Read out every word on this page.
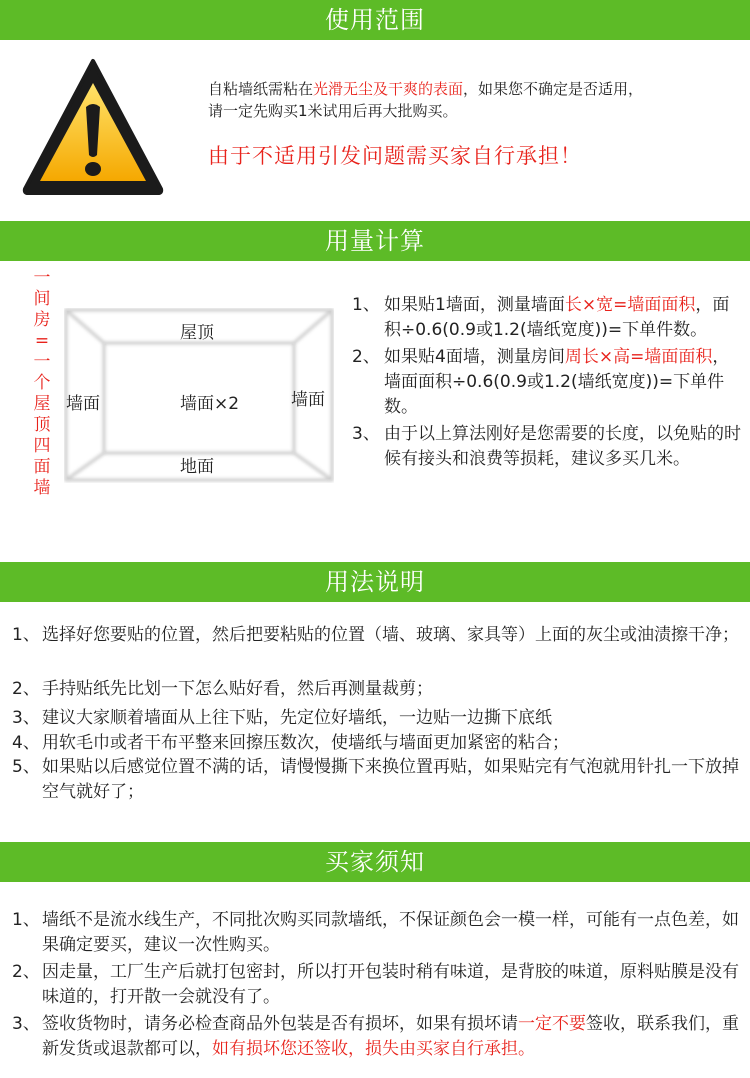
使用范围
自粘墙纸需粘在光滑无尘及干爽的表面，如果您不确定是否适用，
请一定先购买1米试用后再大批购买。
由于不适用引发问题需买家自行承担！
用量计算
一间房=一个屋顶四面墙
屋顶
墙面	墙面×2	墙面
地面
1、 如果贴1墙面，测量墙面长×宽=墙面面积，面积÷0.6(0.9或1.2(墙纸宽度))=下单件数。
2、 如果贴4面墙，测量房间周长×高=墙面面积，墙面面积÷0.6(0.9或1.2(墙纸宽度))=下单件数。
3、 由于以上算法刚好是您需要的长度，以免贴的时候有接头和浪费等损耗，建议多买几米。
用法说明
1、 选择好您要贴的位置，然后把要粘贴的位置（墙、玻璃、家具等）上面的灰尘或油渍擦干净；
2、 手持贴纸先比划一下怎么贴好看，然后再测量裁剪；
3、 建议大家顺着墙面从上往下贴，先定位好墙纸，一边贴一边撕下底纸
4、 用软毛巾或者干布平整来回擦压数次，使墙纸与墙面更加紧密的粘合；
5、 如果贴以后感觉位置不满的话，请慢慢撕下来换位置再贴，如果贴完有气泡就用针扎一下放掉空气就好了；
买家须知
1、 墙纸不是流水线生产，不同批次购买同款墙纸，不保证颜色会一模一样，可能有一点色差，如果确定要买，建议一次性购买。
2、 因走量，工厂生产后就打包密封，所以打开包装时稍有味道，是背胶的味道，原料贴膜是没有味道的，打开散一会就没有了。
3、 签收货物时，请务必检查商品外包装是否有损坏，如果有损坏请一定不要签收，联系我们，重新发货或退款都可以，如有损坏您还签收，损失由买家自行承担。
